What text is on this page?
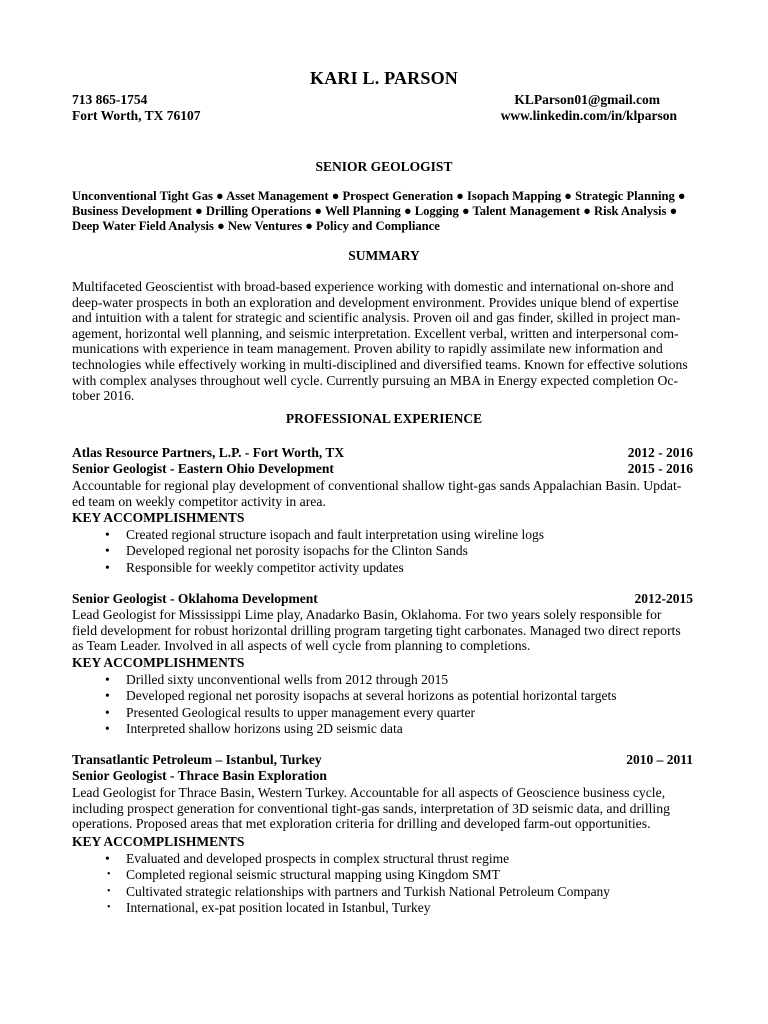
KARI L. PARSON
713 865-1754
Fort Worth, TX 76107
KLParson01@gmail.com
www.linkedin.com/in/klparson
SENIOR GEOLOGIST
Unconventional Tight Gas ● Asset Management ● Prospect Generation ● Isopach Mapping ● Strategic Planning ●
Business Development ● Drilling Operations ● Well Planning ● Logging ● Talent Management ● Risk Analysis ●
Deep Water Field Analysis ● New Ventures ● Policy and Compliance
SUMMARY
Multifaceted Geoscientist with broad-based experience working with domestic and international on-shore and
deep-water prospects in both an exploration and development environment. Provides unique blend of expertise
and intuition with a talent for strategic and scientific analysis. Proven oil and gas finder, skilled in project man-
agement, horizontal well planning, and seismic interpretation. Excellent verbal, written and interpersonal com-
munications with experience in team management. Proven ability to rapidly assimilate new information and
technologies while effectively working in multi-disciplined and diversified teams. Known for effective solutions
with complex analyses throughout well cycle. Currently pursuing an MBA in Energy expected completion Oc-
tober 2016.
PROFESSIONAL EXPERIENCE
Atlas Resource Partners, L.P. - Fort Worth, TX	2012 - 2016
Senior Geologist - Eastern Ohio Development	2015 - 2016
Accountable for regional play development of conventional shallow tight-gas sands Appalachian Basin. Updat-
ed team on weekly competitor activity in area.
KEY ACCOMPLISHMENTS
• Created regional structure isopach and fault interpretation using wireline logs
• Developed regional net porosity isopachs for the Clinton Sands
• Responsible for weekly competitor activity updates
Senior Geologist - Oklahoma Development	2012-2015
Lead Geologist for Mississippi Lime play, Anadarko Basin, Oklahoma. For two years solely responsible for
field development for robust horizontal drilling program targeting tight carbonates. Managed two direct reports
as Team Leader. Involved in all aspects of well cycle from planning to completions.
KEY ACCOMPLISHMENTS
• Drilled sixty unconventional wells from 2012 through 2015
• Developed regional net porosity isopachs at several horizons as potential horizontal targets
• Presented Geological results to upper management every quarter
• Interpreted shallow horizons using 2D seismic data
Transatlantic Petroleum – Istanbul, Turkey	2010 – 2011
Senior Geologist - Thrace Basin Exploration
Lead Geologist for Thrace Basin, Western Turkey. Accountable for all aspects of Geoscience business cycle,
including prospect generation for conventional tight-gas sands, interpretation of 3D seismic data, and drilling
operations. Proposed areas that met exploration criteria for drilling and developed farm-out opportunities.
KEY ACCOMPLISHMENTS
• Evaluated and developed prospects in complex structural thrust regime
• Completed regional seismic structural mapping using Kingdom SMT
• Cultivated strategic relationships with partners and Turkish National Petroleum Company
• International, ex-pat position located in Istanbul, Turkey
